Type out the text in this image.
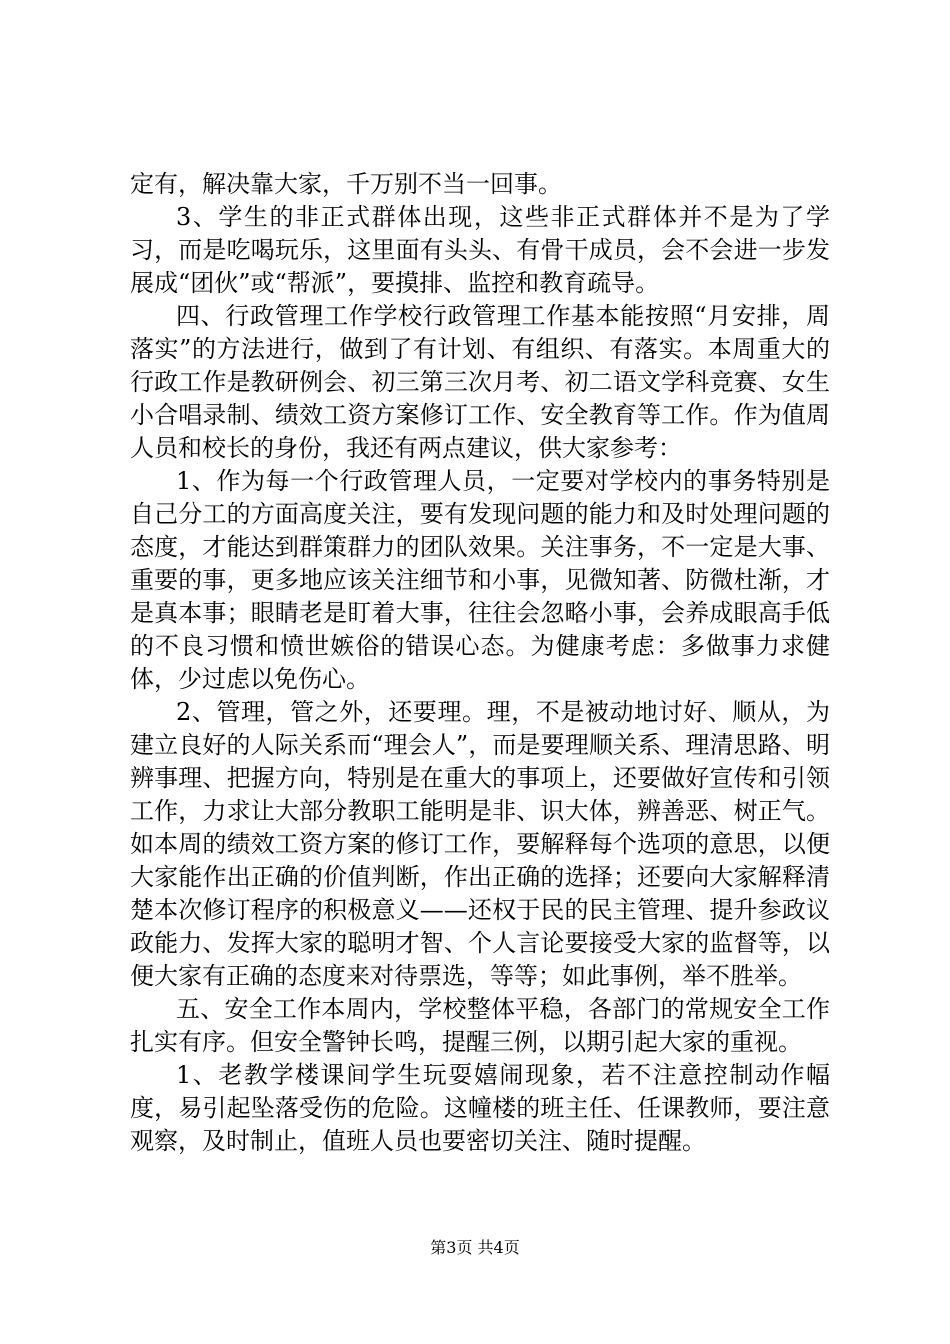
定有，解决靠大家，千万别不当一回事。

3、学生的非正式群体出现，这些非正式群体并不是为了学习，而是吃喝玩乐，这里面有头头、有骨干成员，会不会进一步发展成“团伙”或“帮派”，要摸排、监控和教育疏导。

四、行政管理工作学校行政管理工作基本能按照“月安排，周落实”的方法进行，做到了有计划、有组织、有落实。本周重大的行政工作是教研例会、初三第三次月考、初二语文学科竞赛、女生小合唱录制、绩效工资方案修订工作、安全教育等工作。作为值周人员和校长的身份，我还有两点建议，供大家参考：

1、作为每一个行政管理人员，一定要对学校内的事务特别是自己分工的方面高度关注，要有发现问题的能力和及时处理问题的态度，才能达到群策群力的团队效果。关注事务，不一定是大事、重要的事，更多地应该关注细节和小事，见微知著、防微杜渐，才是真本事；眼睛老是盯着大事，往往会忽略小事，会养成眼高手低的不良习惯和愤世嫉俗的错误心态。为健康考虑：多做事力求健体，少过虑以免伤心。

2、管理，管之外，还要理。理，不是被动地讨好、顺从，为建立良好的人际关系而“理会人”，而是要理顺关系、理清思路、明辨事理、把握方向，特别是在重大的事项上，还要做好宣传和引领工作，力求让大部分教职工能明是非、识大体，辨善恶、树正气。如本周的绩效工资方案的修订工作，要解释每个选项的意思，以便大家能作出正确的价值判断，作出正确的选择；还要向大家解释清楚本次修订程序的积极意义——还权于民的民主管理、提升参政议政能力、发挥大家的聪明才智、个人言论要接受大家的监督等，以便大家有正确的态度来对待票选，等等；如此事例，举不胜举。

五、安全工作本周内，学校整体平稳，各部门的常规安全工作扎实有序。但安全警钟长鸣，提醒三例，以期引起大家的重视。

1、老教学楼课间学生玩耍嬉闹现象，若不注意控制动作幅度，易引起坠落受伤的危险。这幢楼的班主任、任课教师，要注意观察，及时制止，值班人员也要密切关注、随时提醒。

第3页 共4页
